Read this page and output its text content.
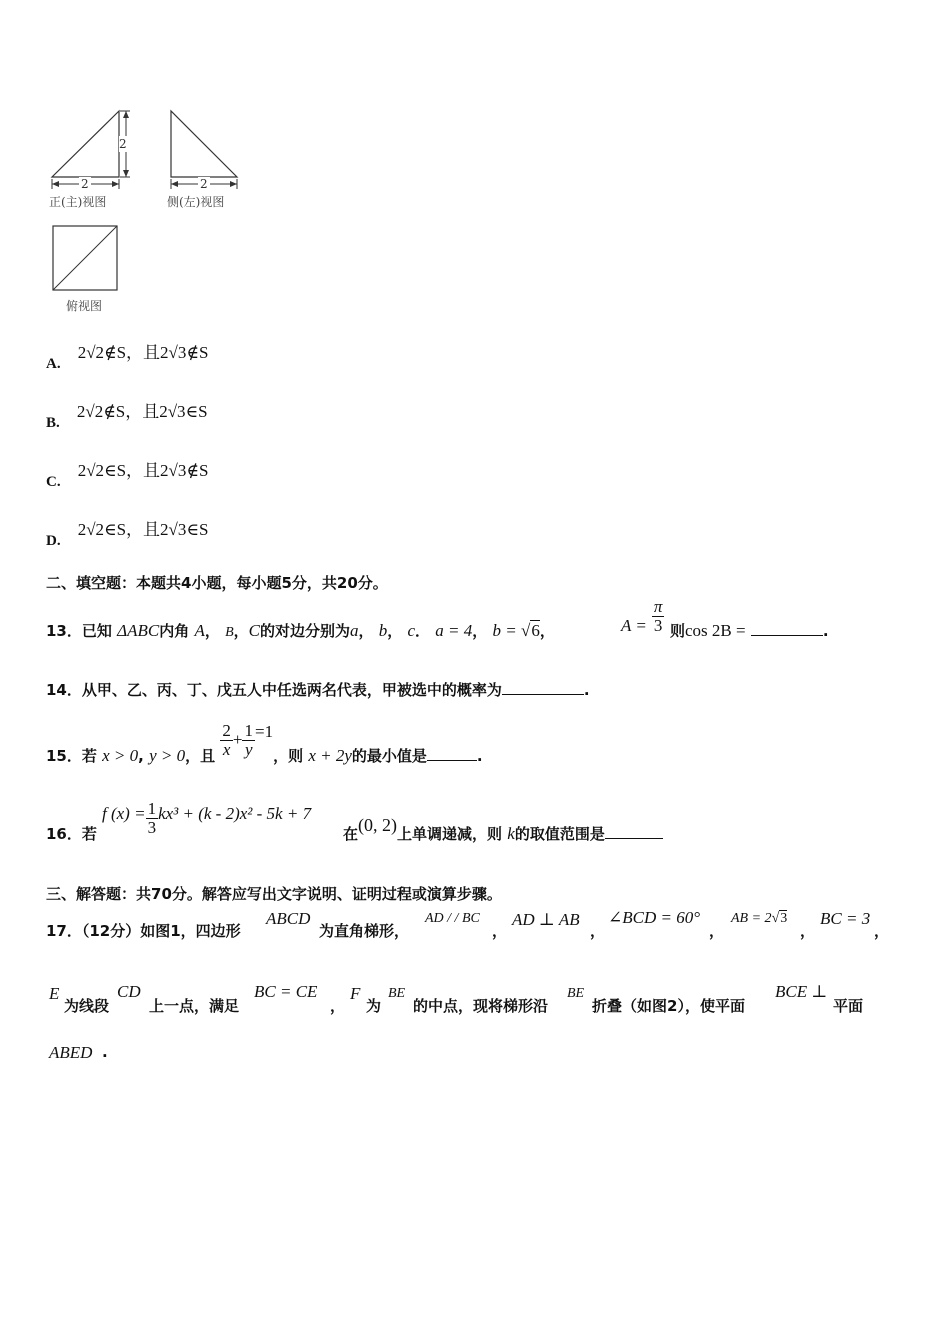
2
2	2
正(主)视图	侧(左)视图
俯视图
A. 2√2∉S，且2√3∉S
B. 2√2∉S，且2√3∈S
C. 2√2∈S，且2√3∉S
D. 2√2∈S，且2√3∈S
二、填空题：本题共4小题，每小题5分，共20分。
13．已知 ΔABC内角 A， B，C的对边分别为a， b， c． a = 4， b = √6，	$A = \frac{\pi}{3}$ 则cos 2B =	.
14．从甲、乙、丙、丁、戊五人中任选两名代表，甲被选中的概率为	.
15．若 x > 0, y > 0，且 $\frac{2}{x} + \frac{1}{y} =1$，则 x + 2y的最小值是	.
16．若
f $(x) = \frac{1}{3} kx^3 + (k - 2)x^2 - 5k + 7$
在(0, 2)上单调递减，则 k的取值范围是
三、解答题：共70分。解答应写出文字说明、证明过程或演算步骤。
17．（12分）如图1，四边形
ABCD
为直角梯形，
AD / / BC
，
AD ⊥ AB
，
∠BCD = 60°
，
AB = 2√3
，
BC = 3
，
E
为线段
CD
上一点，满足
BC = CE
，
F
为
BE
的中点，现将梯形沿
BE
折叠（如图2），使平面
BCE ⊥
平面
ABED .
